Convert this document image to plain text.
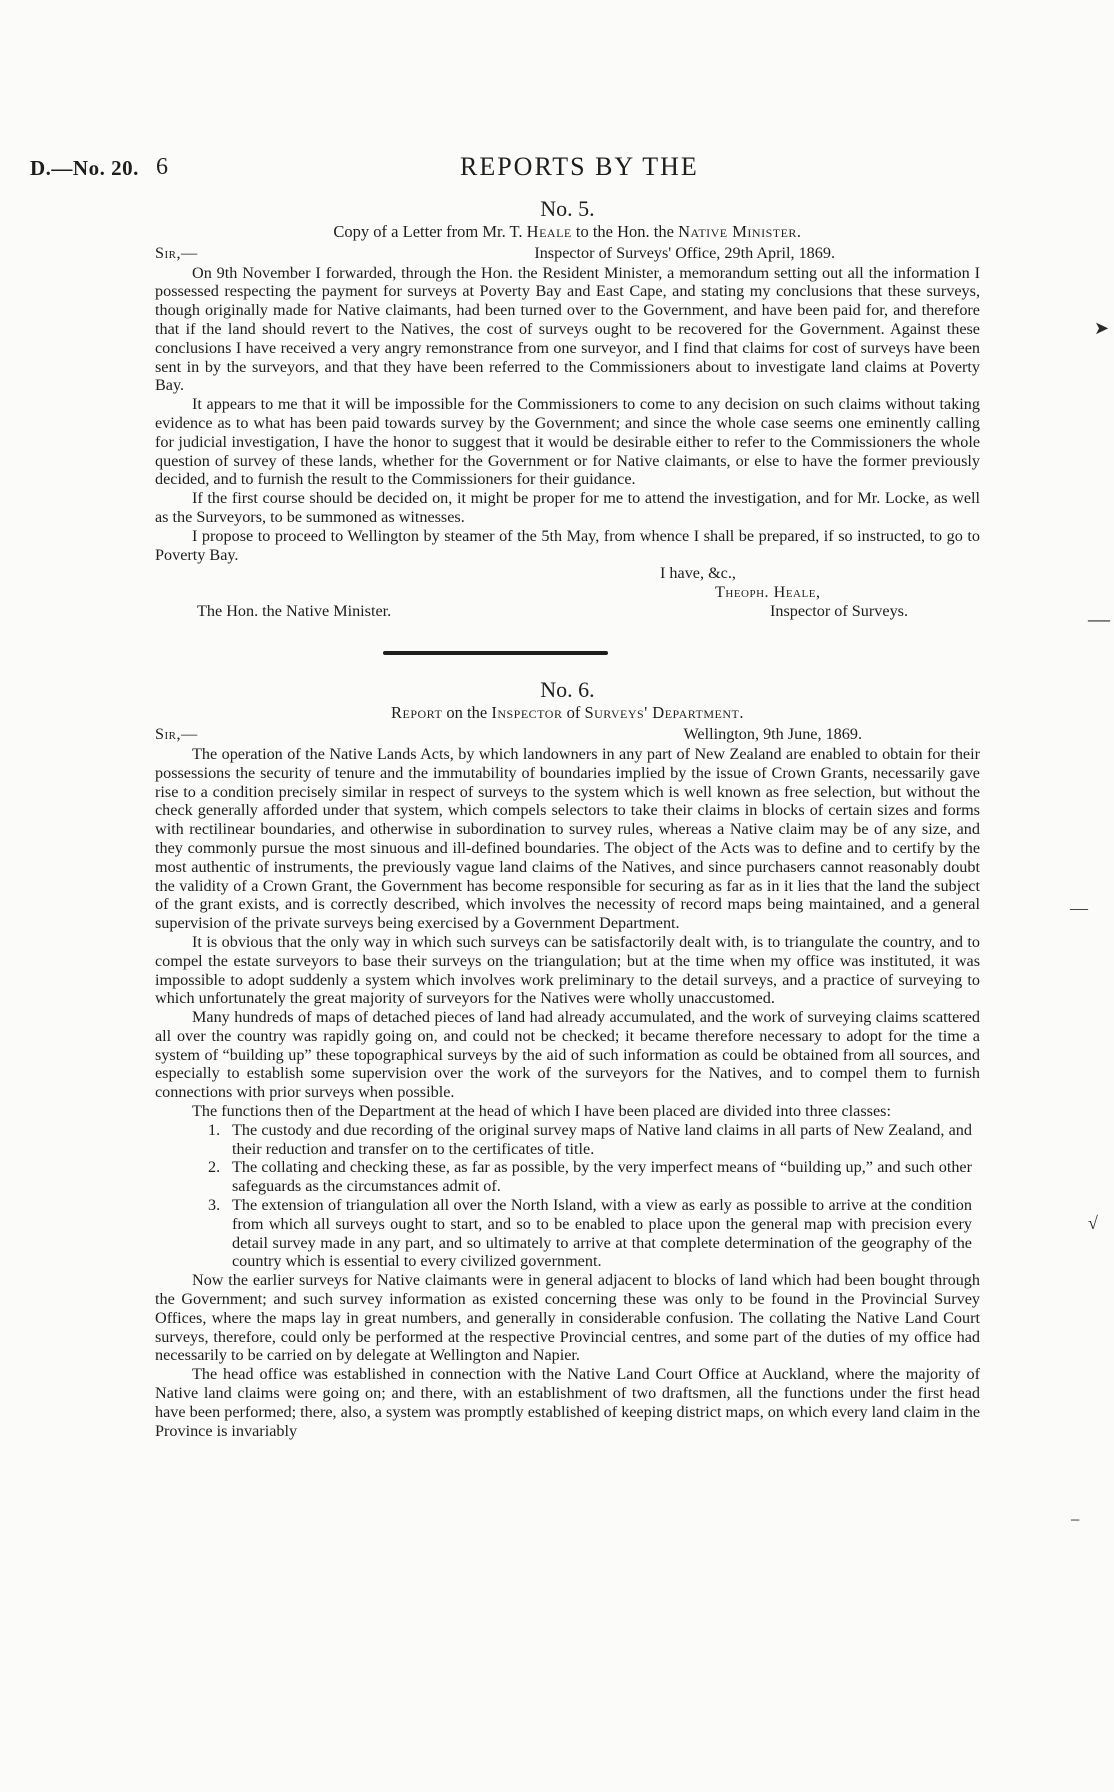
D.—No. 20. 6	REPORTS BY THE
No. 5.
Copy of a Letter from Mr. T. Heale to the Hon. the Native Minister.
Sir,—	Inspector of Surveys' Office, 29th April, 1869.

On 9th November I forwarded, through the Hon. the Resident Minister, a memorandum setting out all the information I possessed respecting the payment for surveys at Poverty Bay and East Cape, and stating my conclusions that these surveys, though originally made for Native claimants, had been turned over to the Government, and have been paid for, and therefore that if the land should revert to the Natives, the cost of surveys ought to be recovered for the Government. Against these conclusions I have received a very angry remonstrance from one surveyor, and I find that claims for cost of surveys have been sent in by the surveyors, and that they have been referred to the Commissioners about to investigate land claims at Poverty Bay.

It appears to me that it will be impossible for the Commissioners to come to any decision on such claims without taking evidence as to what has been paid towards survey by the Government; and since the whole case seems one eminently calling for judicial investigation, I have the honor to suggest that it would be desirable either to refer to the Commissioners the whole question of survey of these lands, whether for the Government or for Native claimants, or else to have the former previously decided, and to furnish the result to the Commissioners for their guidance.

If the first course should be decided on, it might be proper for me to attend the investigation, and for Mr. Locke, as well as the Surveyors, to be summoned as witnesses.

I propose to proceed to Wellington by steamer of the 5th May, from whence I shall be prepared, if so instructed, to go to Poverty Bay.

I have, &c.,
Theoph. Heale,
The Hon. the Native Minister.	Inspector of Surveys.
No. 6.
Report on the Inspector of Surveys' Department.
Sir,—	Wellington, 9th June, 1869.

The operation of the Native Lands Acts, by which landowners in any part of New Zealand are enabled to obtain for their possessions the security of tenure and the immutability of boundaries implied by the issue of Crown Grants, necessarily gave rise to a condition precisely similar in respect of surveys to the system which is well known as free selection, but without the check generally afforded under that system, which compels selectors to take their claims in blocks of certain sizes and forms with rectilinear boundaries, and otherwise in subordination to survey rules, whereas a Native claim may be of any size, and they commonly pursue the most sinuous and ill-defined boundaries. The object of the Acts was to define and to certify by the most authentic of instruments, the previously vague land claims of the Natives, and since purchasers cannot reasonably doubt the validity of a Crown Grant, the Government has become responsible for securing as far as in it lies that the land the subject of the grant exists, and is correctly described, which involves the necessity of record maps being maintained, and a general supervision of the private surveys being exercised by a Government Department.

It is obvious that the only way in which such surveys can be satisfactorily dealt with, is to triangulate the country, and to compel the estate surveyors to base their surveys on the triangulation; but at the time when my office was instituted, it was impossible to adopt suddenly a system which involves work preliminary to the detail surveys, and a practice of surveying to which unfortunately the great majority of surveyors for the Natives were wholly unaccustomed.

Many hundreds of maps of detached pieces of land had already accumulated, and the work of surveying claims scattered all over the country was rapidly going on, and could not be checked; it became therefore necessary to adopt for the time a system of “building up” these topographical surveys by the aid of such information as could be obtained from all sources, and especially to establish some supervision over the work of the surveyors for the Natives, and to compel them to furnish connections with prior surveys when possible.

The functions then of the Department at the head of which I have been placed are divided into three classes:

1. The custody and due recording of the original survey maps of Native land claims in all parts of New Zealand, and their reduction and transfer on to the certificates of title.
2. The collating and checking these, as far as possible, by the very imperfect means of “building up,” and such other safeguards as the circumstances admit of.
3. The extension of triangulation all over the North Island, with a view as early as possible to arrive at the condition from which all surveys ought to start, and so to be enabled to place upon the general map with precision every detail survey made in any part, and so ultimately to arrive at that complete determination of the geography of the country which is essential to every civilized government.

Now the earlier surveys for Native claimants were in general adjacent to blocks of land which had been bought through the Government; and such survey information as existed concerning these was only to be found in the Provincial Survey Offices, where the maps lay in great numbers, and generally in considerable confusion. The collating the Native Land Court surveys, therefore, could only be performed at the respective Provincial centres, and some part of the duties of my office had necessarily to be carried on by delegate at Wellington and Napier.

The head office was established in connection with the Native Land Court Office at Auckland, where the majority of Native land claims were going on; and there, with an establishment of two draftsmen, all the functions under the first head have been performed; there, also, a system was promptly established of keeping district maps, on which every land claim in the Province is invariably

➤
—
—
√
−
